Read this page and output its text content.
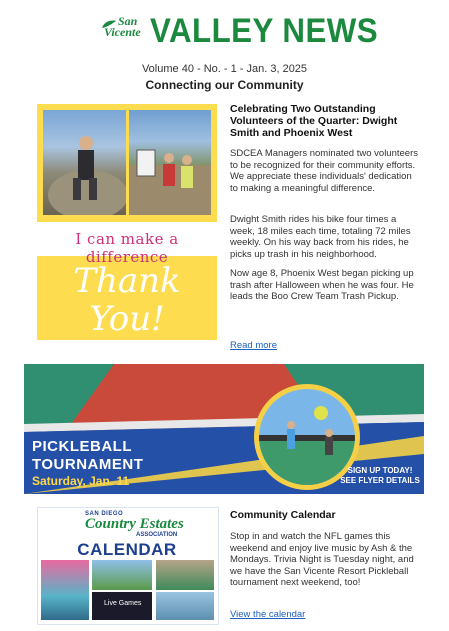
San
Vicente VALLEY NEWS
Volume 40 - No. - 1 - Jan. 3, 2025
Connecting our Community
I can make a difference
Thank You!
Celebrating Two Outstanding Volunteers of the Quarter: Dwight Smith and Phoenix West
SDCEA Managers nominated two volunteers to be recognized for their community efforts. We appreciate these individuals' dedication to making a meaningful difference.
Dwight Smith rides his bike four times a week, 18 miles each time, totaling 72 miles weekly. On his way back from his rides, he picks up trash in his neighborhood.
Now age 8, Phoenix West began picking up trash after Halloween when he was four. He leads the Boo Crew Team Trash Pickup.
Read more
PICKLEBALL
TOURNAMENT
Saturday, Jan. 11
SIGN UP TODAY!
SEE FLYER DETAILS
SAN DIEGO
Country Estates
ASSOCIATION
CALENDAR
Live Games
Community Calendar
Stop in and watch the NFL games this weekend and enjoy live music by Ash & the Mondays. Trivia Night is Tuesday night, and we have the San Vicente Resort Pickleball tournament next weekend, too!
View the calendar
